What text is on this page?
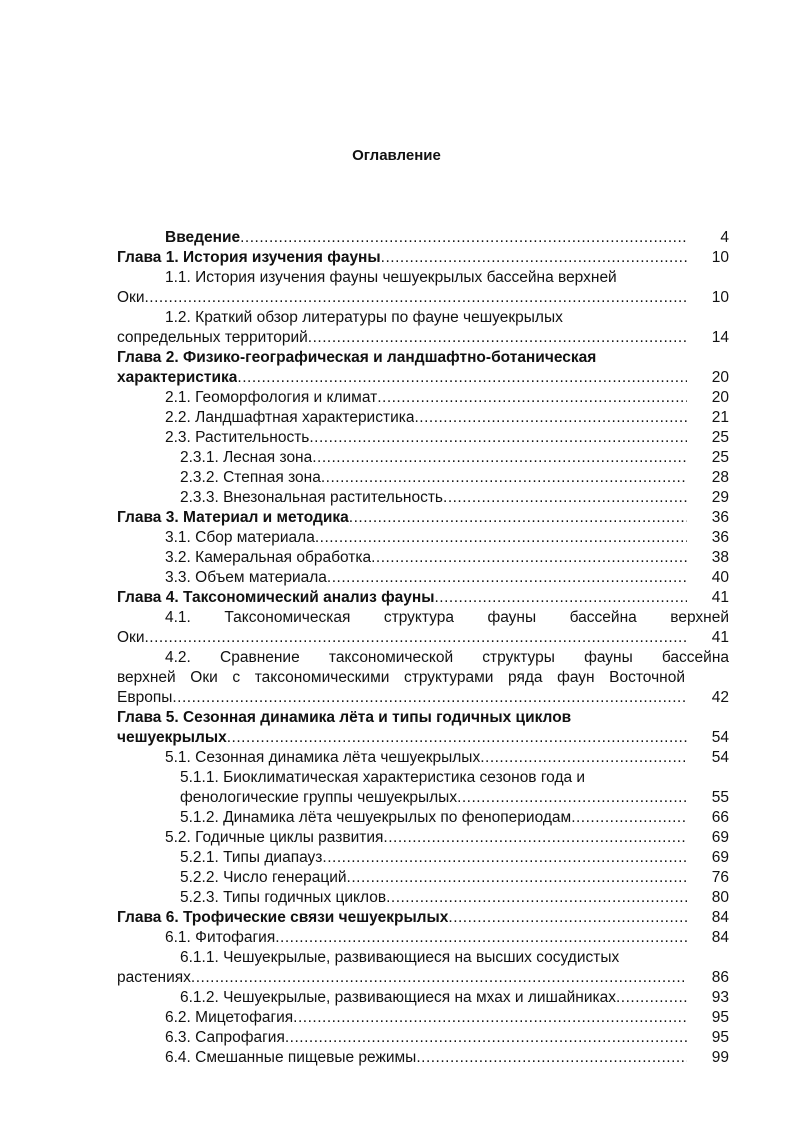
Оглавление
Введение .....	4
Глава 1. История изучения фауны .....	10
1.1. История изучения фауны чешуекрылых бассейна верхней
Оки .....	10
1.2. Краткий обзор литературы по фауне чешуекрылых
сопредельных территорий .....	14
Глава 2. Физико-географическая и ландшафтно-ботаническая
характеристика .....	20
2.1. Геоморфология и климат .....	20
2.2. Ландшафтная характеристика .....	21
2.3. Растительность .....	25
2.3.1. Лесная зона .....	25
2.3.2. Степная зона .....	28
2.3.3. Внезональная растительность .....	29
Глава 3. Материал и методика .....	36
3.1. Сбор материала .....	36
3.2. Камеральная обработка .....	38
3.3. Объем материала .....	40
Глава 4. Таксономический анализ фауны .....	41
4.1. Таксономическая структура фауны бассейна верхней
Оки .....	41
4.2. Сравнение таксономической структуры фауны бассейна
верхней Оки с таксономическими структурами ряда фаун Восточной
Европы .....	42
Глава 5. Сезонная динамика лёта и типы годичных циклов
чешуекрылых .....	54
5.1. Сезонная динамика лёта чешуекрылых .....	54
5.1.1. Биоклиматическая характеристика сезонов года и
фенологические группы чешуекрылых .....	55
5.1.2. Динамика лёта чешуекрылых по фенопериодам .....	66
5.2. Годичные циклы развития .....	69
5.2.1. Типы диапауз .....	69
5.2.2. Число генераций .....	76
5.2.3. Типы годичных циклов .....	80
Глава 6. Трофические связи чешуекрылых .....	84
6.1. Фитофагия .....	84
6.1.1. Чешуекрылые, развивающиеся на высших сосудистых
растениях .....	86
6.1.2. Чешуекрылые, развивающиеся на мхах и лишайниках .....	93
6.2. Мицетофагия .....	95
6.3. Сапрофагия .....	95
6.4. Смешанные пищевые режимы .....	99
